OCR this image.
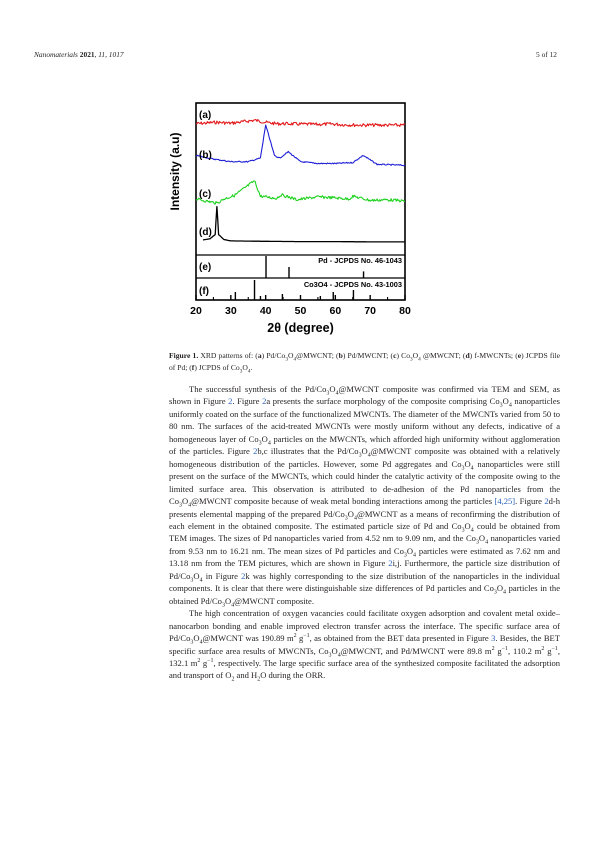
Nanomaterials 2021, 11, 1017	5 of 12
(a)
(b)
(c)
(d)
(e)
(f)
Pd - JCPDS No. 46-1043
Co3O4 - JCPDS No. 43-1003
20 30 40 50 60 70 80
2θ (degree)
Intensity (a.u)
Figure 1. XRD patterns of: (a) $Pd/Co_3O_4@MWCNT$; (b) Pd/MWCNT; (c) $Co_3O_4$ @MWCNT; (d) f-MWCNTs; (e) JCPDS file of Pd; (f) JCPDS of $Co_3O_4$.

The successful synthesis of the $Pd/Co_3O_4@MWCNT$ composite was confirmed via TEM and SEM, as shown in Figure 2. Figure 2a presents the surface morphology of the composite comprising $Co_3O_4$ nanoparticles uniformly coated on the surface of the functionalized MWCNTs. The diameter of the MWCNTs varied from 50 to 80 nm. The surfaces of the acid-treated MWCNTs were mostly uniform without any defects, indicative of a homogeneous layer of $Co_3O_4$ particles on the MWCNTs, which afforded high uniformity without agglomeration of the particles. Figure 2b,c illustrates that the $Pd/Co_3O_4@MWCNT$ composite was obtained with a relatively homogeneous distribution of the particles. However, some Pd aggregates and $Co_3O_4$ nanoparticles were still present on the surface of the MWCNTs, which could hinder the catalytic activity of the composite owing to the limited surface area. This observation is attributed to de-adhesion of the Pd nanoparticles from the $Co_3O_4@MWCNT$ composite because of weak metal bonding interactions among the particles [4,25]. Figure 2d-h presents elemental mapping of the prepared $Pd/Co_3O_4@MWCNT$ as a means of reconfirming the distribution of each element in the obtained composite. The estimated particle size of Pd and $Co_3O_4$ could be obtained from TEM images. The sizes of Pd nanoparticles varied from 4.52 nm to 9.09 nm, and the $Co_3O_4$ nanoparticles varied from 9.53 nm to 16.21 nm. The mean sizes of Pd particles and $Co_3O_4$ particles were estimated as 7.62 nm and 13.18 nm from the TEM pictures, which are shown in Figure 2i,j. Furthermore, the particle size distribution of $Pd/Co_3O_4$ in Figure 2k was highly corresponding to the size distribution of the nanoparticles in the individual components. It is clear that there were distinguishable size differences of Pd particles and $Co_3O_4$ particles in the obtained $Pd/Co_3O_4@MWCNT$ composite.

The high concentration of oxygen vacancies could facilitate oxygen adsorption and covalent metal oxide–nanocarbon bonding and enable improved electron transfer across the interface. The specific surface area of $Pd/Co_3O_4@MWCNT$ was 190.89 $m^2$ $g^{-1}$, as obtained from the BET data presented in Figure 3. Besides, the BET specific surface area results of MWCNTs, $Co_3O_4@MWCNT$, and Pd/MWCNT were 89.8 $m^2$ $g^{-1}$, 110.2 $m^2$ $g^{-1}$, 132.1 $m^2$ $g^{-1}$, respectively. The large specific surface area of the synthesized composite facilitated the adsorption and transport of $O_2$ and $H_2O$ during the ORR.
